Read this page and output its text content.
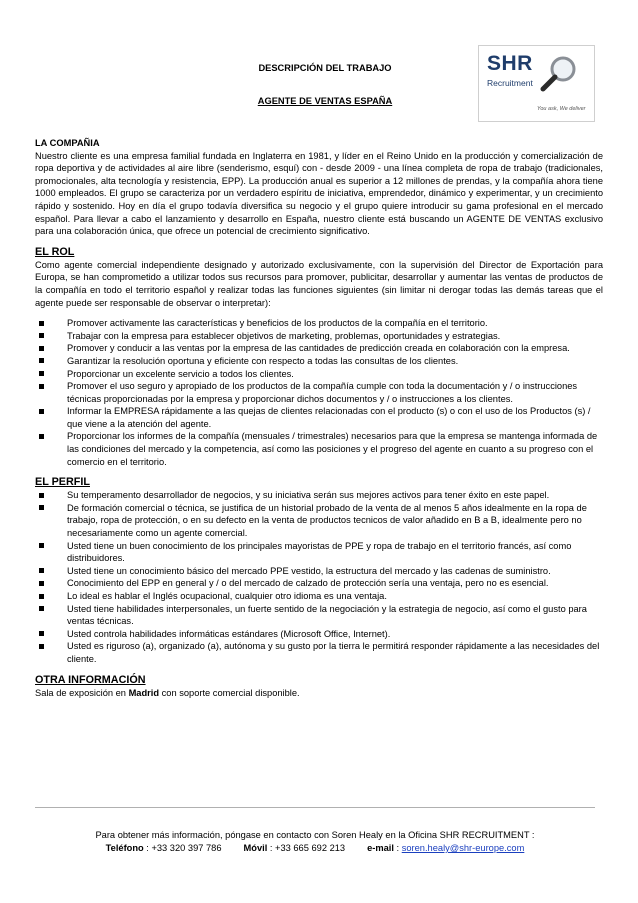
DESCRIPCIÓN DEL TRABAJO
AGENTE DE VENTAS ESPAÑA
SHR
Recruitment
You ask, We deliver
LA COMPAÑIA

Nuestro cliente es una empresa familial fundada en Inglaterra en 1981, y líder en el Reino Unido en la producción y comercialización de ropa deportiva y de actividades al aire libre (senderismo, esquí) con - desde 2009 - una línea completa de ropa de trabajo (tradicionales, promocionales, alta tecnología y resistencia, EPP). La producción anual es superior a 12 millones de prendas, y la compañía ahora tiene 1000 empleados. El grupo se caracteriza por un verdadero espíritu de iniciativa, emprendedor, dinámico y experimentar, y un crecimiento rápido y sostenido. Hoy en día el grupo todavía diversifica su negocio y el grupo quiere introducir su gama profesional en el mercado español. Para llevar a cabo el lanzamiento y desarrollo en España, nuestro cliente está buscando un AGENTE DE VENTAS exclusivo para una colaboración única, que ofrece un potencial de crecimiento significativo.

EL ROL

Como agente comercial independiente designado y autorizado exclusivamente, con la supervisión del Director de Exportación para Europa, se han comprometido a utilizar todos sus recursos para promover, publicitar, desarrollar y aumentar las ventas de productos de la compañía en todo el territorio español y realizar todas las funciones siguientes (sin limitar ni derogar todas las demás tareas que el agente puede ser responsable de observar o interpretar):

Promover activamente las características y beneficios de los productos de la compañía en el territorio.
Trabajar con la empresa para establecer objetivos de marketing, problemas, oportunidades y estrategias.
Promover y conducir a las ventas por la empresa de las cantidades de predicción creada en colaboración con la empresa.
Garantizar la resolución oportuna y eficiente con respecto a todas las consultas de los clientes.
Proporcionar un excelente servicio a todos los clientes.
Promover el uso seguro y apropiado de los productos de la compañía cumple con toda la documentación y / o instrucciones técnicas proporcionadas por la empresa y proporcionar dichos documentos y / o instrucciones a los clientes.
Informar la EMPRESA rápidamente a las quejas de clientes relacionadas con el producto (s) o con el uso de los Productos (s) / que viene a la atención del agente.
Proporcionar los informes de la compañía (mensuales / trimestrales) necesarios para que la empresa se mantenga informada de las condiciones del mercado y la competencia, así como las posiciones y el progreso del agente en cuanto a su progreso con el comercio en el territorio.
EL PERFIL
Su temperamento desarrollador de negocios, y su iniciativa serán sus mejores activos para tener éxito en este papel.
De formación comercial o técnica, se justifica de un historial probado de la venta de al menos 5 años idealmente en la ropa de trabajo, ropa de protección, o en su defecto en la venta de productos tecnicos de valor añadido en B a B, idealmente pero no necesariamente como un agente comercial.
Usted tiene un buen conocimiento de los principales mayoristas de PPE y ropa de trabajo en el territorio francés, así como distribuidores.
Usted tiene un conocimiento básico del mercado PPE vestido, la estructura del mercado y las cadenas de suministro.
Conocimiento del EPP en general y / o del mercado de calzado de protección sería una ventaja, pero no es esencial.
Lo ideal es hablar el Inglés ocupacional, cualquier otro idioma es una ventaja.
Usted tiene habilidades interpersonales, un fuerte sentido de la negociación y la estrategia de negocio, así como el gusto para ventas técnicas.
Usted controla habilidades informáticas estándares (Microsoft Office, Internet).
Usted es riguroso (a), organizado (a), autónoma y su gusto por la tierra le permitirá responder rápidamente a las necesidades del cliente.
OTRA INFORMACIÓN

Sala de exposición en Madrid con soporte comercial disponible.

Para obtener más información, póngase en contacto con Soren Healy en la Oficina SHR RECRUITMENT :
Teléfono : +33 320 397 786 Móvil : +33 665 692 213 e-mail : soren.healy@shr-europe.com
